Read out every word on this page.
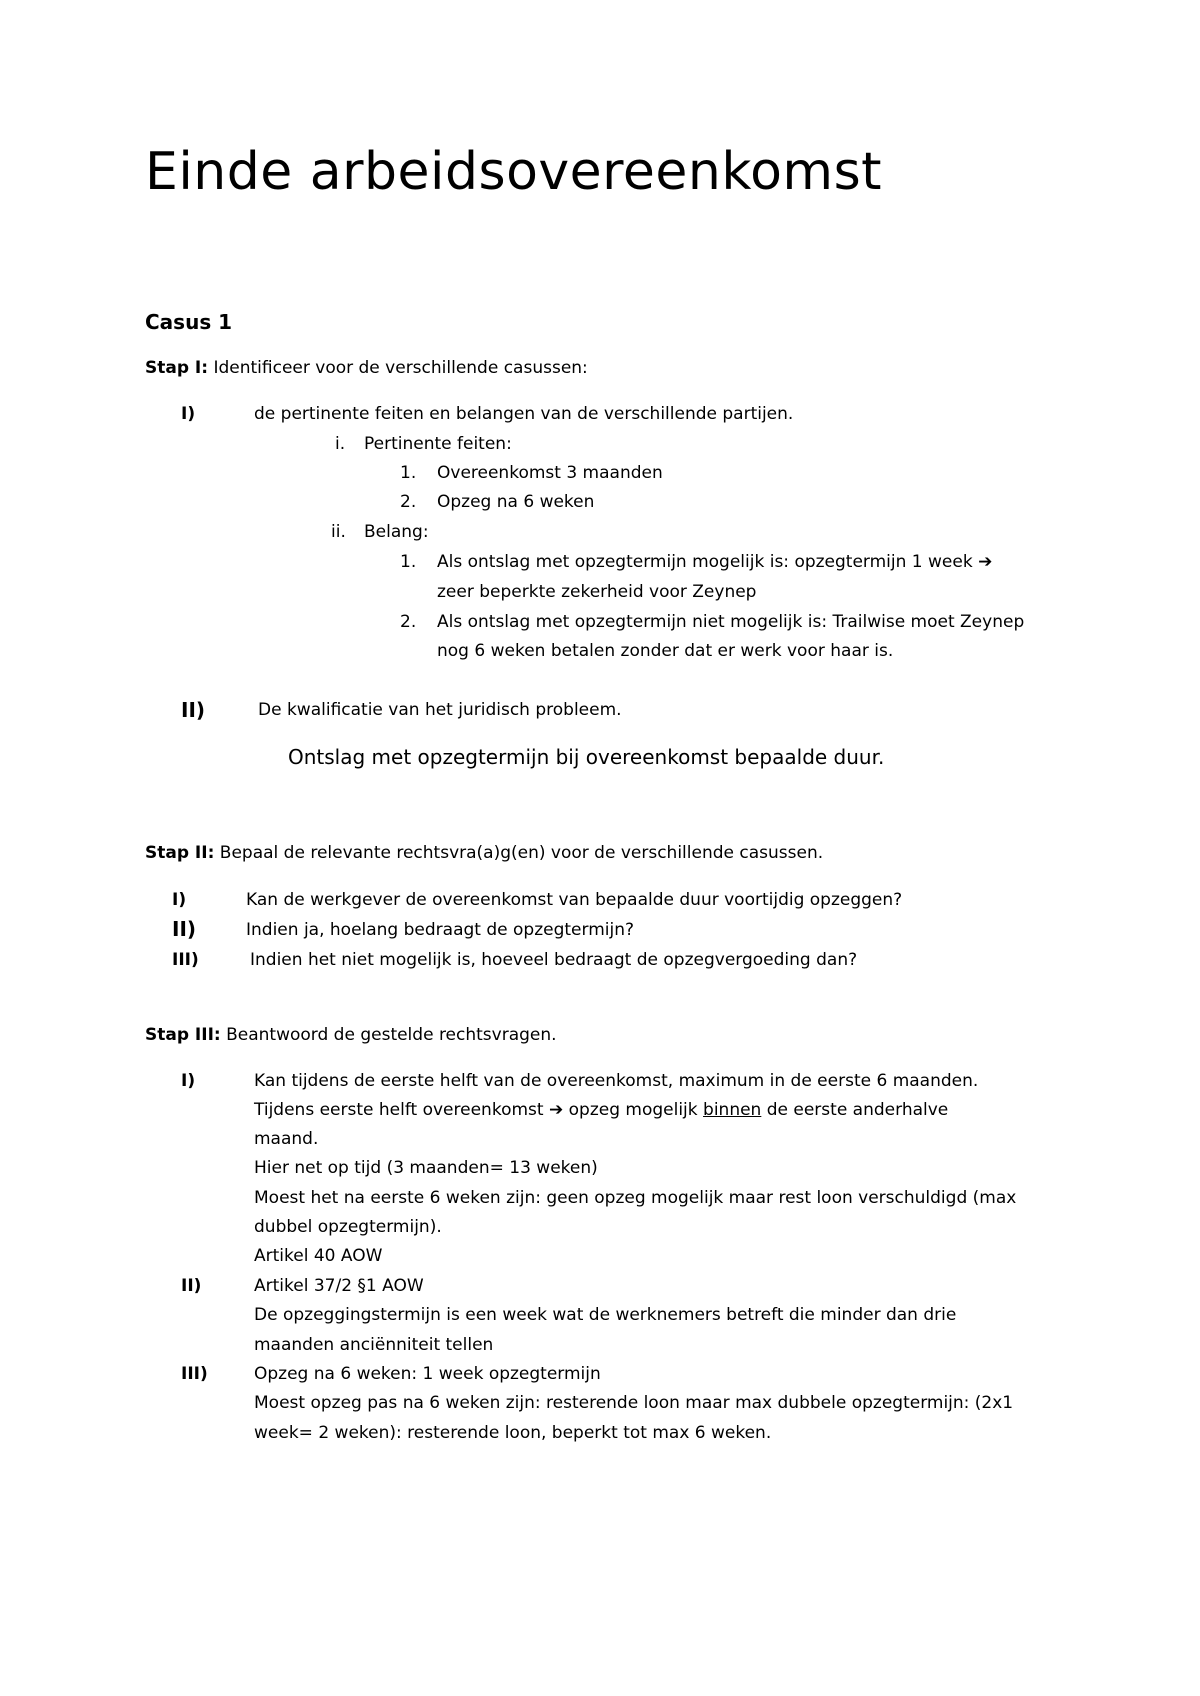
Einde arbeidsovereenkomst
Casus 1
Stap I: Identificeer voor de verschillende casussen:
I)	de pertinente feiten en belangen van de verschillende partijen.
i. Pertinente feiten:
1. Overeenkomst 3 maanden
2. Opzeg na 6 weken
ii. Belang:
1. Als ontslag met opzegtermijn mogelijk is: opzegtermijn 1 week ➔
zeer beperkte zekerheid voor Zeynep
2. Als ontslag met opzegtermijn niet mogelijk is: Trailwise moet Zeynep
nog 6 weken betalen zonder dat er werk voor haar is.
II)	De kwalificatie van het juridisch probleem.
Ontslag met opzegtermijn bij overeenkomst bepaalde duur.
Stap II: Bepaal de relevante rechtsvra(a)g(en) voor de verschillende casussen.
I)	Kan de werkgever de overeenkomst van bepaalde duur voortijdig opzeggen?
II)	Indien ja, hoelang bedraagt de opzegtermijn?
III)	Indien het niet mogelijk is, hoeveel bedraagt de opzegvergoeding dan?
Stap III: Beantwoord de gestelde rechtsvragen.
I)	Kan tijdens de eerste helft van de overeenkomst, maximum in de eerste 6 maanden.
Tijdens eerste helft overeenkomst ➔ opzeg mogelijk binnen de eerste anderhalve
maand.
Hier net op tijd (3 maanden= 13 weken)
Moest het na eerste 6 weken zijn: geen opzeg mogelijk maar rest loon verschuldigd (max
dubbel opzegtermijn).
Artikel 40 AOW
II)	Artikel 37/2 §1 AOW
De opzeggingstermijn is een week wat de werknemers betreft die minder dan drie
maanden anciënniteit tellen
III)	Opzeg na 6 weken: 1 week opzegtermijn
Moest opzeg pas na 6 weken zijn: resterende loon maar max dubbele opzegtermijn: (2x1
week= 2 weken): resterende loon, beperkt tot max 6 weken.
